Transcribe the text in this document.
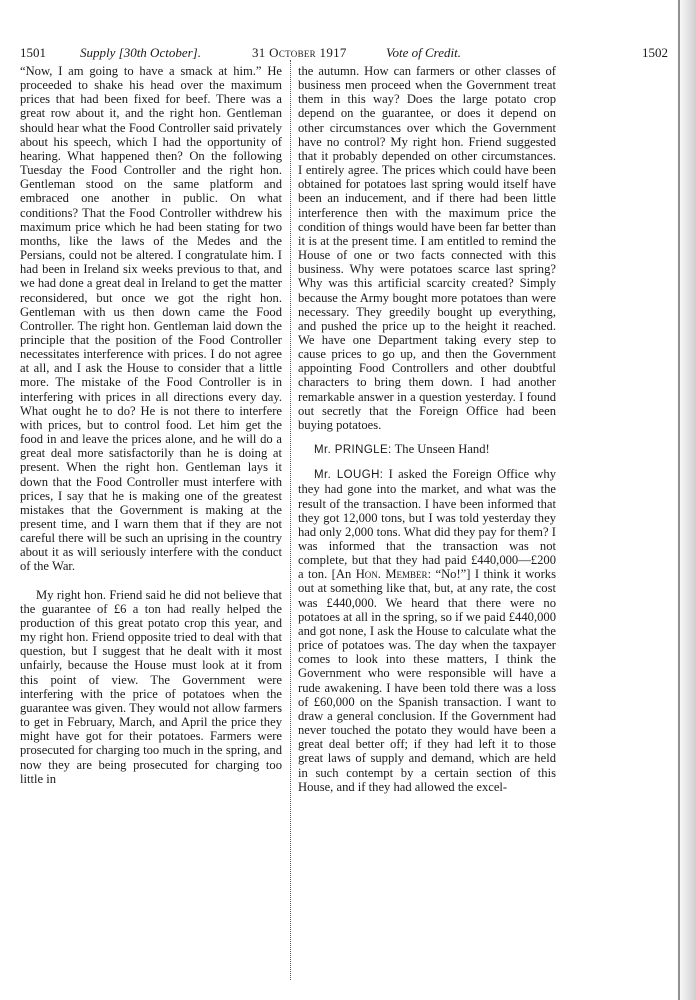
1501	Supply [30th October].	31 October 1917	Vote of Credit.	1502

“Now, I am going to have a smack at him.” He proceeded to shake his head over the maximum prices that had been fixed for beef. There was a great row about it, and the right hon. Gentleman should hear what the Food Controller said privately about his speech, which I had the opportunity of hearing. What happened then? On the following Tuesday the Food Controller and the right hon. Gentleman stood on the same platform and embraced one another in public. On what conditions? That the Food Controller withdrew his maximum price which he had been stating for two months, like the laws of the Medes and the Persians, could not be altered. I congratulate him. I had been in Ireland six weeks previous to that, and we had done a great deal in Ireland to get the matter reconsidered, but once we got the right hon. Gentleman with us then down came the Food Controller. The right hon. Gentleman laid down the principle that the position of the Food Controller necessitates interference with prices. I do not agree at all, and I ask the House to consider that a little more. The mistake of the Food Controller is in interfering with prices in all directions every day. What ought he to do? He is not there to interfere with prices, but to control food. Let him get the food in and leave the prices alone, and he will do a great deal more satisfactorily than he is doing at present. When the right hon. Gentleman lays it down that the Food Controller must interfere with prices, I say that he is making one of the greatest mistakes that the Government is making at the present time, and I warn them that if they are not careful there will be such an uprising in the country about it as will seriously interfere with the conduct of the War.

My right hon. Friend said he did not believe that the guarantee of £6 a ton had really helped the production of this great potato crop this year, and my right hon. Friend opposite tried to deal with that question, but I suggest that he dealt with it most unfairly, because the House must look at it from this point of view. The Government were interfering with the price of potatoes when the guarantee was given. They would not allow farmers to get in February, March, and April the price they might have got for their potatoes. Farmers were prosecuted for charging too much in the spring, and now they are being prosecuted for charging too little in

the autumn. How can farmers or other classes of business men proceed when the Government treat them in this way? Does the large potato crop depend on the guarantee, or does it depend on other circumstances over which the Government have no control? My right hon. Friend suggested that it probably depended on other circumstances. I entirely agree. The prices which could have been obtained for potatoes last spring would itself have been an inducement, and if there had been little interference then with the maximum price the condition of things would have been far better than it is at the present time. I am entitled to remind the House of one or two facts connected with this business. Why were potatoes scarce last spring? Why was this artificial scarcity created? Simply because the Army bought more potatoes than were necessary. They greedily bought up everything, and pushed the price up to the height it reached. We have one Department taking every step to cause prices to go up, and then the Government appointing Food Controllers and other doubtful characters to bring them down. I had another remarkable answer in a question yesterday. I found out secretly that the Foreign Office had been buying potatoes.

Mr. PRINGLE: The Unseen Hand!

Mr. LOUGH: I asked the Foreign Office why they had gone into the market, and what was the result of the transaction. I have been informed that they got 12,000 tons, but I was told yesterday they had only 2,000 tons. What did they pay for them? I was informed that the transaction was not complete, but that they had paid £440,000—£200 a ton. [An Hon. Member: “No!”] I think it works out at something like that, but, at any rate, the cost was £440,000. We heard that there were no potatoes at all in the spring, so if we paid £440,000 and got none, I ask the House to calculate what the price of potatoes was. The day when the taxpayer comes to look into these matters, I think the Government who were responsible will have a rude awakening. I have been told there was a loss of £60,000 on the Spanish transaction. I want to draw a general conclusion. If the Government had never touched the potato they would have been a great deal better off; if they had left it to those great laws of supply and demand, which are held in such contempt by a certain section of this House, and if they had allowed the excel-
